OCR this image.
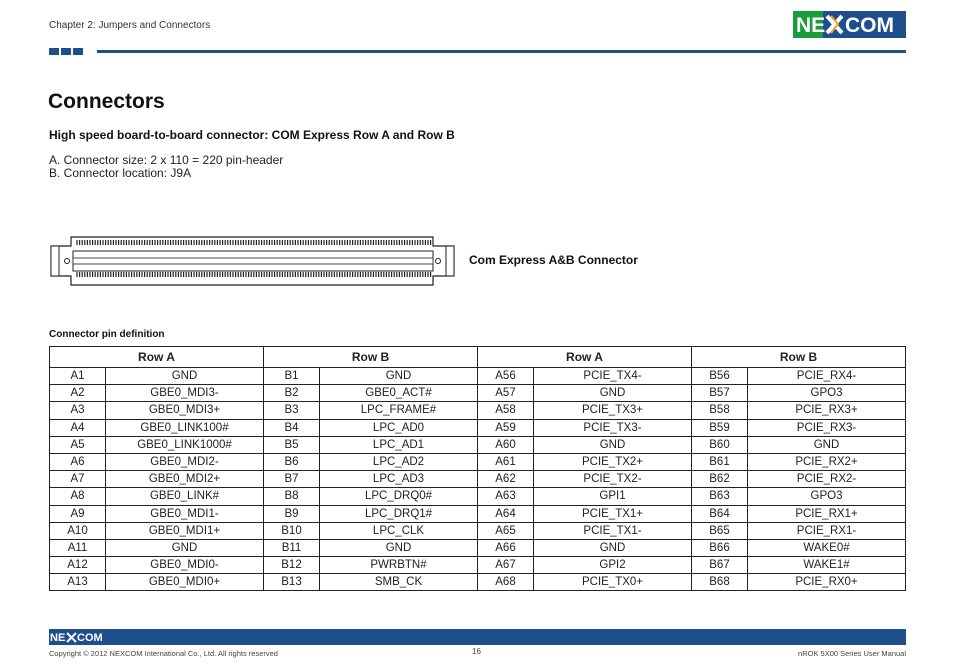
Chapter 2: Jumpers and Connectors	NE COM
Connectors
High speed board-to-board connector: COM Express Row A and Row B
A. Connector size: 2 x 110 = 220 pin-header
B. Connector location: J9A
Com Express A&B Connector
Connector pin definition
Row A		Row B		Row A		Row B	
A1	GND	B1	GND	A56	PCIE_TX4-	B56	PCIE_RX4-
A2	GBE0_MDI3-	B2	GBE0_ACT#	A57	GND	B57	GPO3
A3	GBE0_MDI3+	B3	LPC_FRAME#	A58	PCIE_TX3+	B58	PCIE_RX3+
A4	GBE0_LINK100#	B4	LPC_AD0	A59	PCIE_TX3-	B59	PCIE_RX3-
A5	GBE0_LINK1000#	B5	LPC_AD1	A60	GND	B60	GND
A6	GBE0_MDI2-	B6	LPC_AD2	A61	PCIE_TX2+	B61	PCIE_RX2+
A7	GBE0_MDI2+	B7	LPC_AD3	A62	PCIE_TX2-	B62	PCIE_RX2-
A8	GBE0_LINK#	B8	LPC_DRQ0#	A63	GPI1	B63	GPO3
A9	GBE0_MDI1-	B9	LPC_DRQ1#	A64	PCIE_TX1+	B64	PCIE_RX1+
A10	GBE0_MDI1+	B10	LPC_CLK	A65	PCIE_TX1-	B65	PCIE_RX1-
A11	GND	B11	GND	A66	GND	B66	WAKE0#
A12	GBE0_MDI0-	B12	PWRBTN#	A67	GPI2	B67	WAKE1#
A13	GBE0_MDI0+	B13	SMB_CK	A68	PCIE_TX0+	B68	PCIE_RX0+
NE COM
Copyright © 2012 NEXCOM International Co., Ltd. All rights reserved	16	nROK 5X00 Series User Manual
